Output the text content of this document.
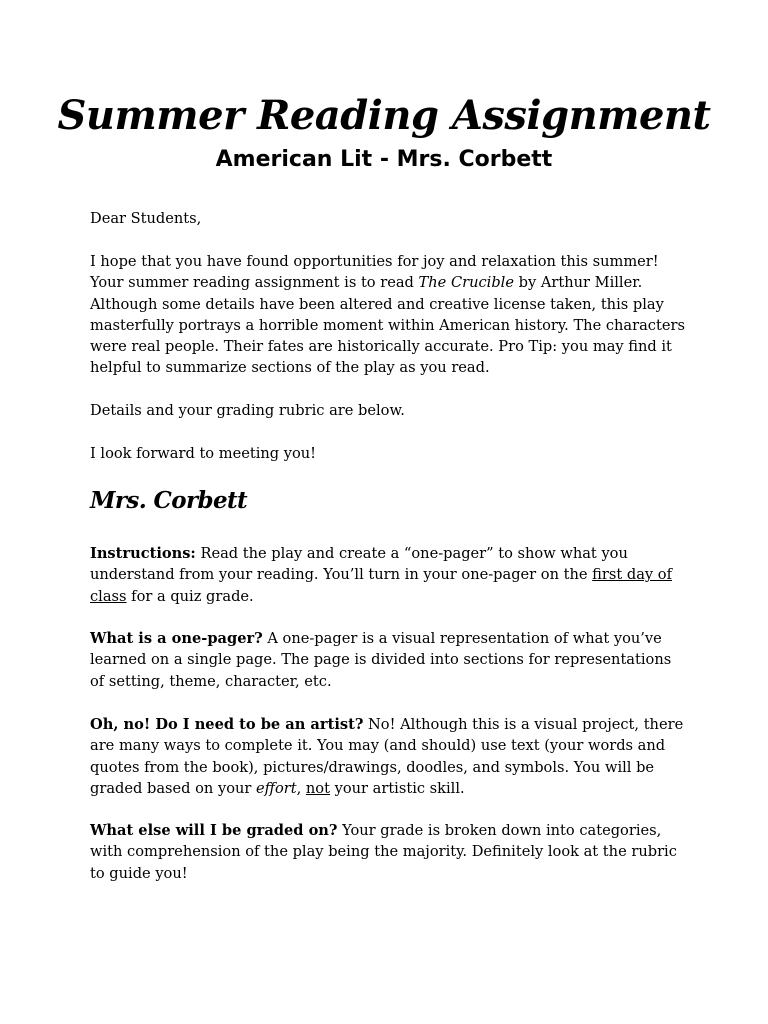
Summer Reading Assignment
American Lit - Mrs. Corbett

Dear Students,

I hope that you have found opportunities for joy and relaxation this summer! Your summer reading assignment is to read The Crucible by Arthur Miller. Although some details have been altered and creative license taken, this play masterfully portrays a horrible moment within American history. The characters were real people. Their fates are historically accurate. Pro Tip: you may find it helpful to summarize sections of the play as you read.

Details and your grading rubric are below.

I look forward to meeting you!

Mrs. Corbett

Instructions: Read the play and create a “one-pager” to show what you understand from your reading. You’ll turn in your one-pager on the first day of class for a quiz grade.

What is a one-pager? A one-pager is a visual representation of what you’ve learned on a single page. The page is divided into sections for representations of setting, theme, character, etc.

Oh, no! Do I need to be an artist? No! Although this is a visual project, there are many ways to complete it. You may (and should) use text (your words and quotes from the book), pictures/drawings, doodles, and symbols. You will be graded based on your effort, not your artistic skill.

What else will I be graded on? Your grade is broken down into categories, with comprehension of the play being the majority. Definitely look at the rubric to guide you!
